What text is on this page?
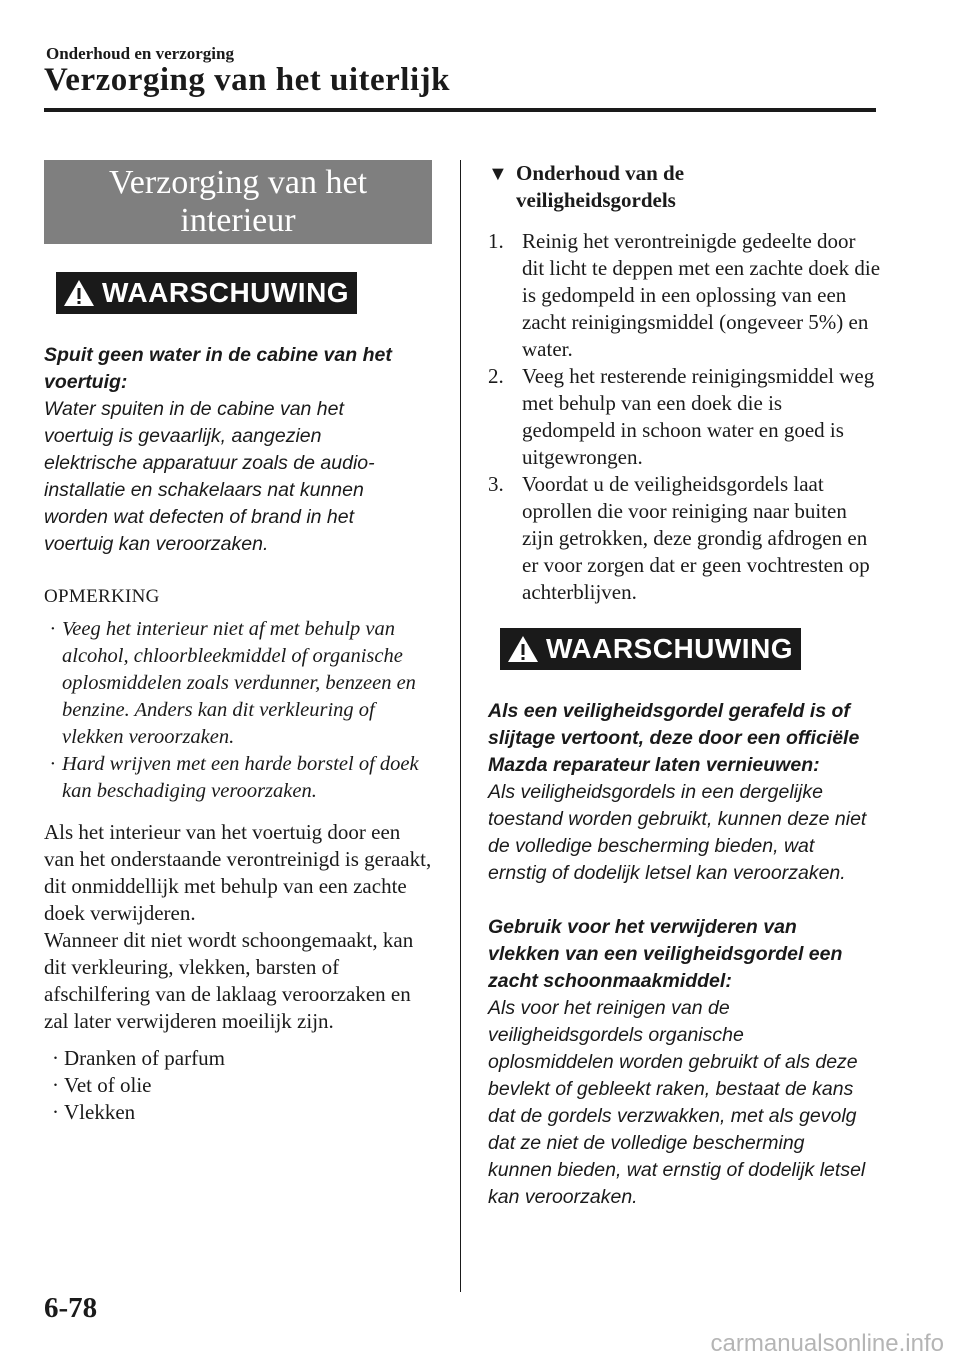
Onderhoud en verzorging
Verzorging van het uiterlijk
Verzorging van het
interieur
WAARSCHUWING
Spuit geen water in de cabine van het voertuig:
Water spuiten in de cabine van het voertuig is gevaarlijk, aangezien elektrische apparatuur zoals de audio-installatie en schakelaars nat kunnen worden wat defecten of brand in het voertuig kan veroorzaken.
OPMERKING
· Veeg het interieur niet af met behulp van alcohol, chloorbleekmiddel of organische oplosmiddelen zoals verdunner, benzeen en benzine. Anders kan dit verkleuring of vlekken veroorzaken.
· Hard wrijven met een harde borstel of doek kan beschadiging veroorzaken.
Als het interieur van het voertuig door een van het onderstaande verontreinigd is geraakt, dit onmiddellijk met behulp van een zachte doek verwijderen.
Wanneer dit niet wordt schoongemaakt, kan dit verkleuring, vlekken, barsten of afschilfering van de laklaag veroorzaken en zal later verwijderen moeilijk zijn.
· Dranken of parfum
· Vet of olie
· Vlekken
▼ Onderhoud van de
veiligheidsgordels
1. Reinig het verontreinigde gedeelte door dit licht te deppen met een zachte doek die is gedompeld in een oplossing van een zacht reinigingsmiddel (ongeveer 5%) en water.
2. Veeg het resterende reinigingsmiddel weg met behulp van een doek die is gedompeld in schoon water en goed is uitgewrongen.
3. Voordat u de veiligheidsgordels laat oprollen die voor reiniging naar buiten zijn getrokken, deze grondig afdrogen en er voor zorgen dat er geen vochtresten op achterblijven.
WAARSCHUWING
Als een veiligheidsgordel gerafeld is of slijtage vertoont, deze door een officiële Mazda reparateur laten vernieuwen:
Als veiligheidsgordels in een dergelijke toestand worden gebruikt, kunnen deze niet de volledige bescherming bieden, wat ernstig of dodelijk letsel kan veroorzaken.
Gebruik voor het verwijderen van vlekken van een veiligheidsgordel een zacht schoonmaakmiddel:
Als voor het reinigen van de veiligheidsgordels organische oplosmiddelen worden gebruikt of als deze bevlekt of gebleekt raken, bestaat de kans dat de gordels verzwakken, met als gevolg dat ze niet de volledige bescherming kunnen bieden, wat ernstig of dodelijk letsel kan veroorzaken.
6-78
carmanualsonline.info
